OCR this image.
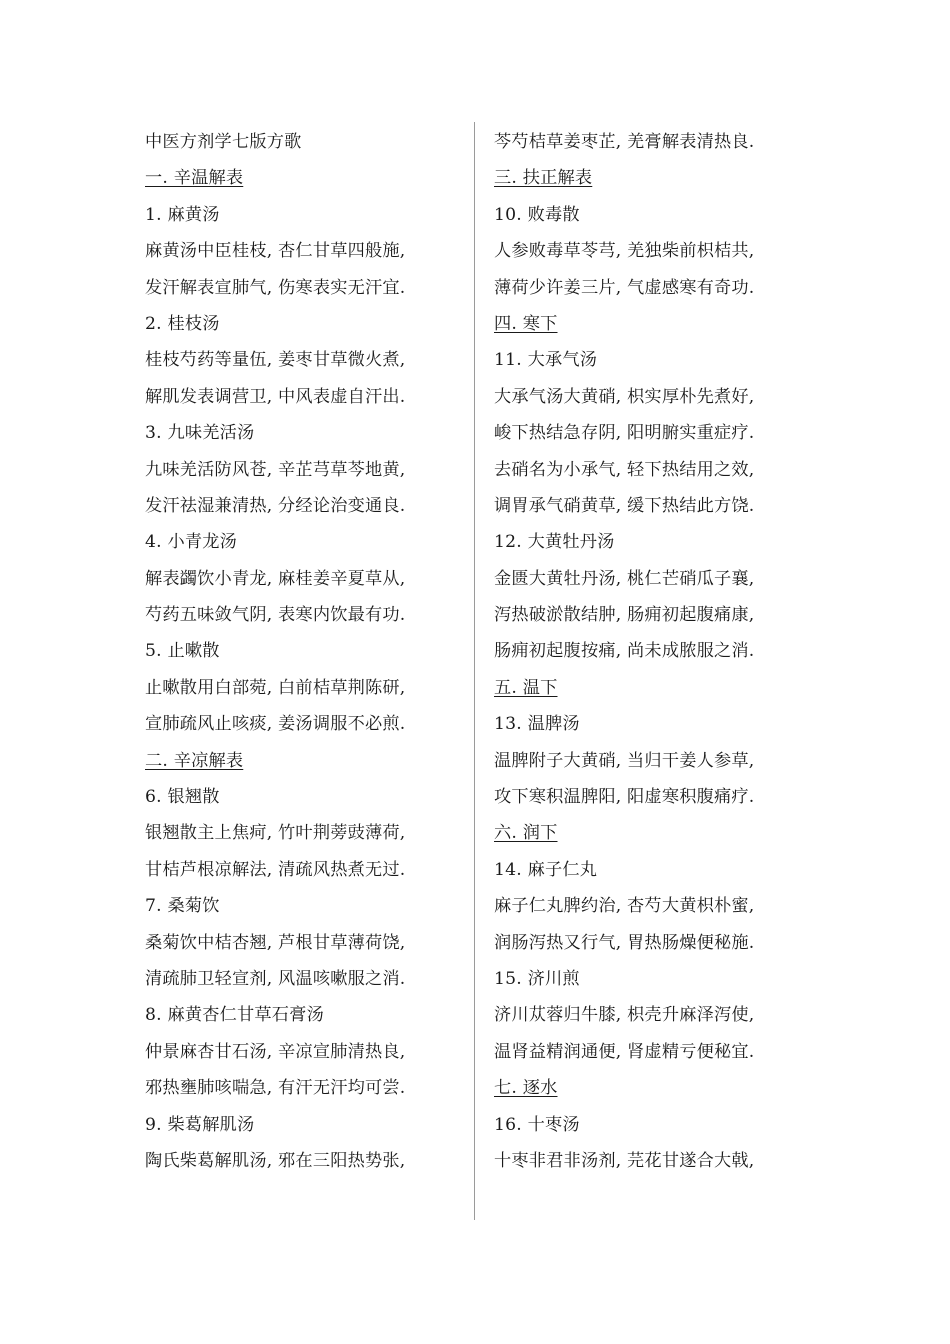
中医方剂学七版方歌
一. 辛温解表
1. 麻黄汤
麻黄汤中臣桂枝, 杏仁甘草四般施,
发汗解表宣肺气, 伤寒表实无汗宜.
2. 桂枝汤
桂枝芍药等量伍, 姜枣甘草微火煮,
解肌发表调营卫, 中风表虚自汗出.
3. 九味羌活汤
九味羌活防风苍, 辛芷芎草芩地黄,
发汗祛湿兼清热, 分经论治变通良.
4. 小青龙汤
解表蠲饮小青龙, 麻桂姜辛夏草从,
芍药五味敛气阴, 表寒内饮最有功.
5. 止嗽散
止嗽散用白部菀, 白前桔草荆陈研,
宣肺疏风止咳痰, 姜汤调服不必煎.
二. 辛凉解表
6. 银翘散
银翘散主上焦疴, 竹叶荆蒡豉薄荷,
甘桔芦根凉解法, 清疏风热煮无过.
7. 桑菊饮
桑菊饮中桔杏翘, 芦根甘草薄荷饶,
清疏肺卫轻宣剂, 风温咳嗽服之消.
8. 麻黄杏仁甘草石膏汤
仲景麻杏甘石汤, 辛凉宣肺清热良,
邪热壅肺咳喘急, 有汗无汗均可尝.
9. 柴葛解肌汤
陶氏柴葛解肌汤, 邪在三阳热势张,
芩芍桔草姜枣芷, 羌膏解表清热良.
三. 扶正解表
10. 败毒散
人参败毒草苓芎, 羌独柴前枳桔共,
薄荷少许姜三片, 气虚感寒有奇功.
四. 寒下
11. 大承气汤
大承气汤大黄硝, 枳实厚朴先煮好,
峻下热结急存阴, 阳明腑实重症疗.
去硝名为小承气, 轻下热结用之效,
调胃承气硝黄草, 缓下热结此方饶.
12. 大黄牡丹汤
金匮大黄牡丹汤, 桃仁芒硝瓜子襄,
泻热破淤散结肿, 肠痈初起腹痛康,
肠痈初起腹按痛, 尚未成脓服之消.
五. 温下
13. 温脾汤
温脾附子大黄硝, 当归干姜人参草,
攻下寒积温脾阳, 阳虚寒积腹痛疗.
六. 润下
14. 麻子仁丸
麻子仁丸脾约治, 杏芍大黄枳朴蜜,
润肠泻热又行气, 胃热肠燥便秘施.
15. 济川煎
济川苁蓉归牛膝, 枳壳升麻泽泻使,
温肾益精润通便, 肾虚精亏便秘宜.
七. 逐水
16. 十枣汤
十枣非君非汤剂, 芫花甘遂合大戟,
